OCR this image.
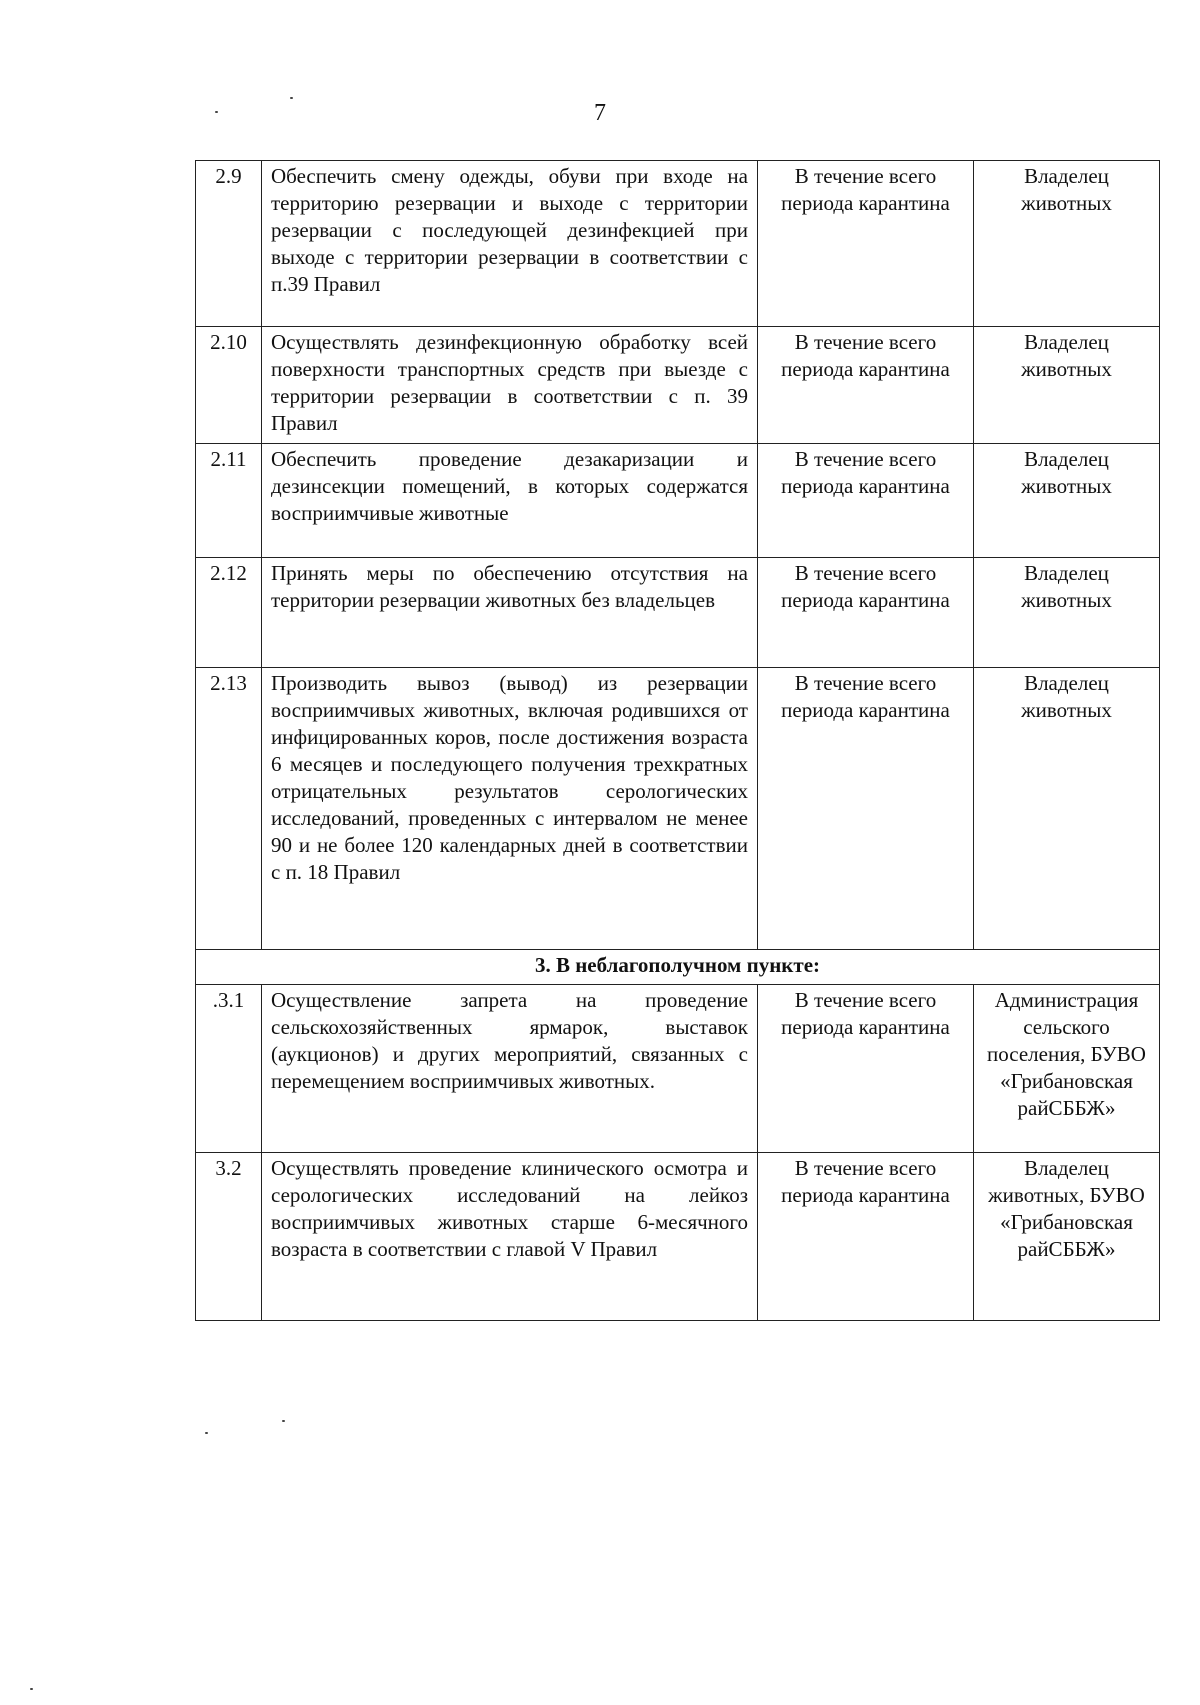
7
2.9	Обеспечить смену одежды, обуви при входе на территорию резервации и выходе с территории резервации с последующей дезинфекцией при выходе с территории резервации в соответствии с п.39 Правил	В течение всего периода карантина	Владелец животных
2.10	Осуществлять дезинфекционную обработку всей поверхности транспортных средств при выезде с территории резервации в соответствии с п. 39 Правил	В течение всего периода карантина	Владелец животных
2.11	Обеспечить проведение дезакаризации и дезинсекции помещений, в которых содержатся восприимчивые животные	В течение всего периода карантина	Владелец животных
2.12	Принять меры по обеспечению отсутствия на территории резервации животных без владельцев	В течение всего периода карантина	Владелец животных
2.13	Производить вывоз (вывод) из резервации восприимчивых животных, включая родившихся от инфицированных коров, после достижения возраста 6 месяцев и последующего получения трехкратных отрицательных результатов серологических исследований, проведенных с интервалом не менее 90 и не более 120 календарных дней в соответствии с п. 18 Правил	В течение всего периода карантина	Владелец животных
3. В неблагополучном пункте:			
.3.1	Осуществление запрета на проведение сельскохозяйственных ярмарок, выставок (аукционов) и других мероприятий, связанных с перемещением восприимчивых животных.	В течение всего периода карантина	Администрация сельского поселения, БУВО «Грибановская райСББЖ»
3.2	Осуществлять проведение клинического осмотра и серологических исследований на лейкоз восприимчивых животных старше 6-месячного возраста в соответствии с главой V Правил	В течение всего периода карантина	Владелец животных, БУВО «Грибановская райСББЖ»
